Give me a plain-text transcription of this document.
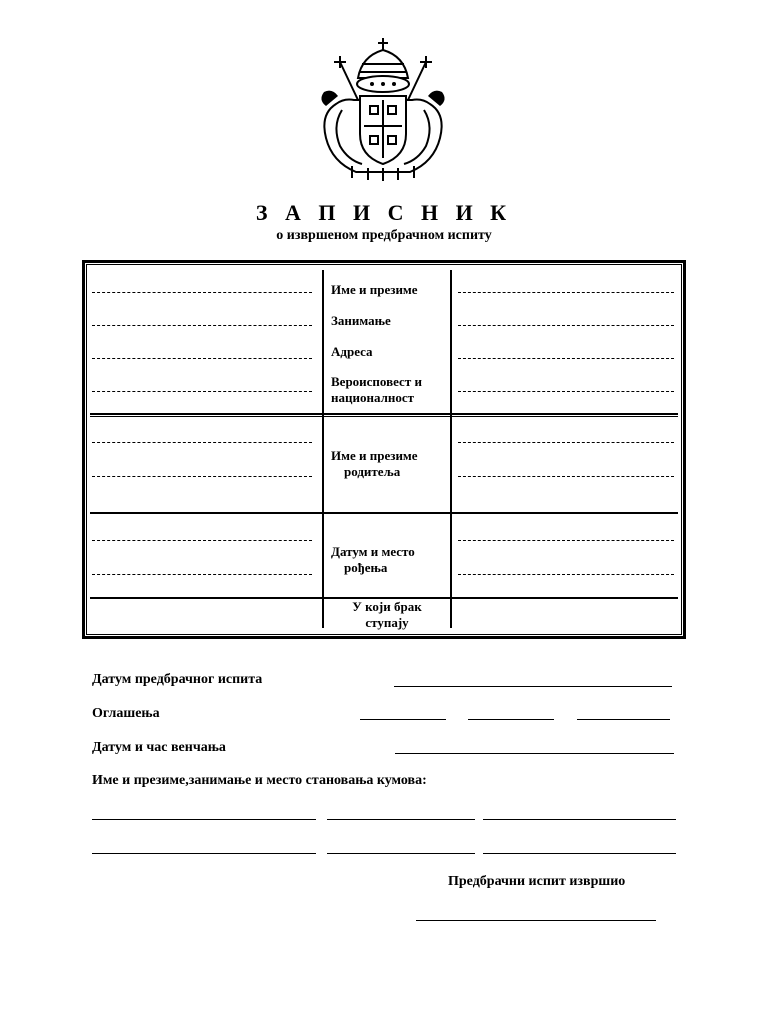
З А П И С Н И К
о извршеном предбрачном испиту
Име и презиме
Занимање
Адреса
Вероисповест и
националност
Име и презиме
родитеља
Датум и место
рођења
У који брак
ступају
Датум предбрачног испита
Оглашења
Датум и час венчања
Име и презиме,занимање и место становања кумова:
Предбрачни испит извршио
